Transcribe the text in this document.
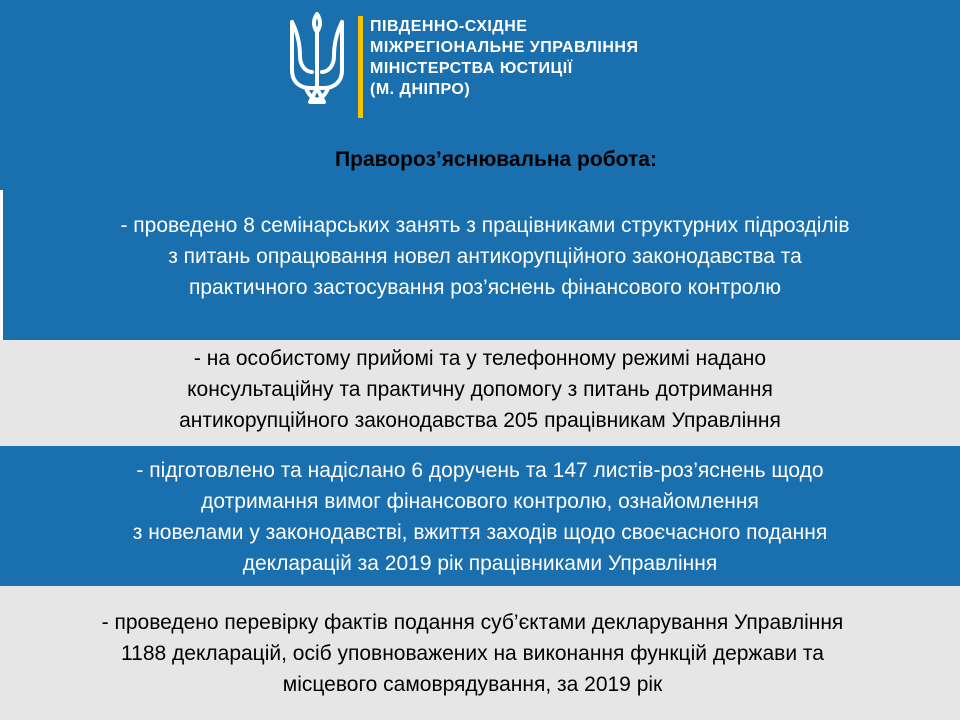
ПІВДЕННО-СХІДНЕ
МІЖРЕГІОНАЛЬНЕ УПРАВЛІННЯ
МІНІСТЕРСТВА ЮСТИЦІЇ
(М. ДНІПРО)
Правороз’яснювальна робота:
- проведено 8 семінарських занять з працівниками структурних підрозділів
з питань опрацювання новел антикорупційного законодавства та
практичного застосування роз’яснень фінансового контролю
- на особистому прийомі та у телефонному режимі надано
консультаційну та практичну допомогу з питань дотримання
антикорупційного законодавства 205 працівникам Управління
- підготовлено та надіслано 6 доручень та 147 листів-роз’яснень щодо
дотримання вимог фінансового контролю, ознайомлення
з новелами у законодавстві, вжиття заходів щодо своєчасного подання
декларацій за 2019 рік працівниками Управління
- проведено перевірку фактів подання суб’єктами декларування Управління
1188 декларацій, осіб уповноважених на виконання функцій держави та
місцевого самоврядування, за 2019 рік
